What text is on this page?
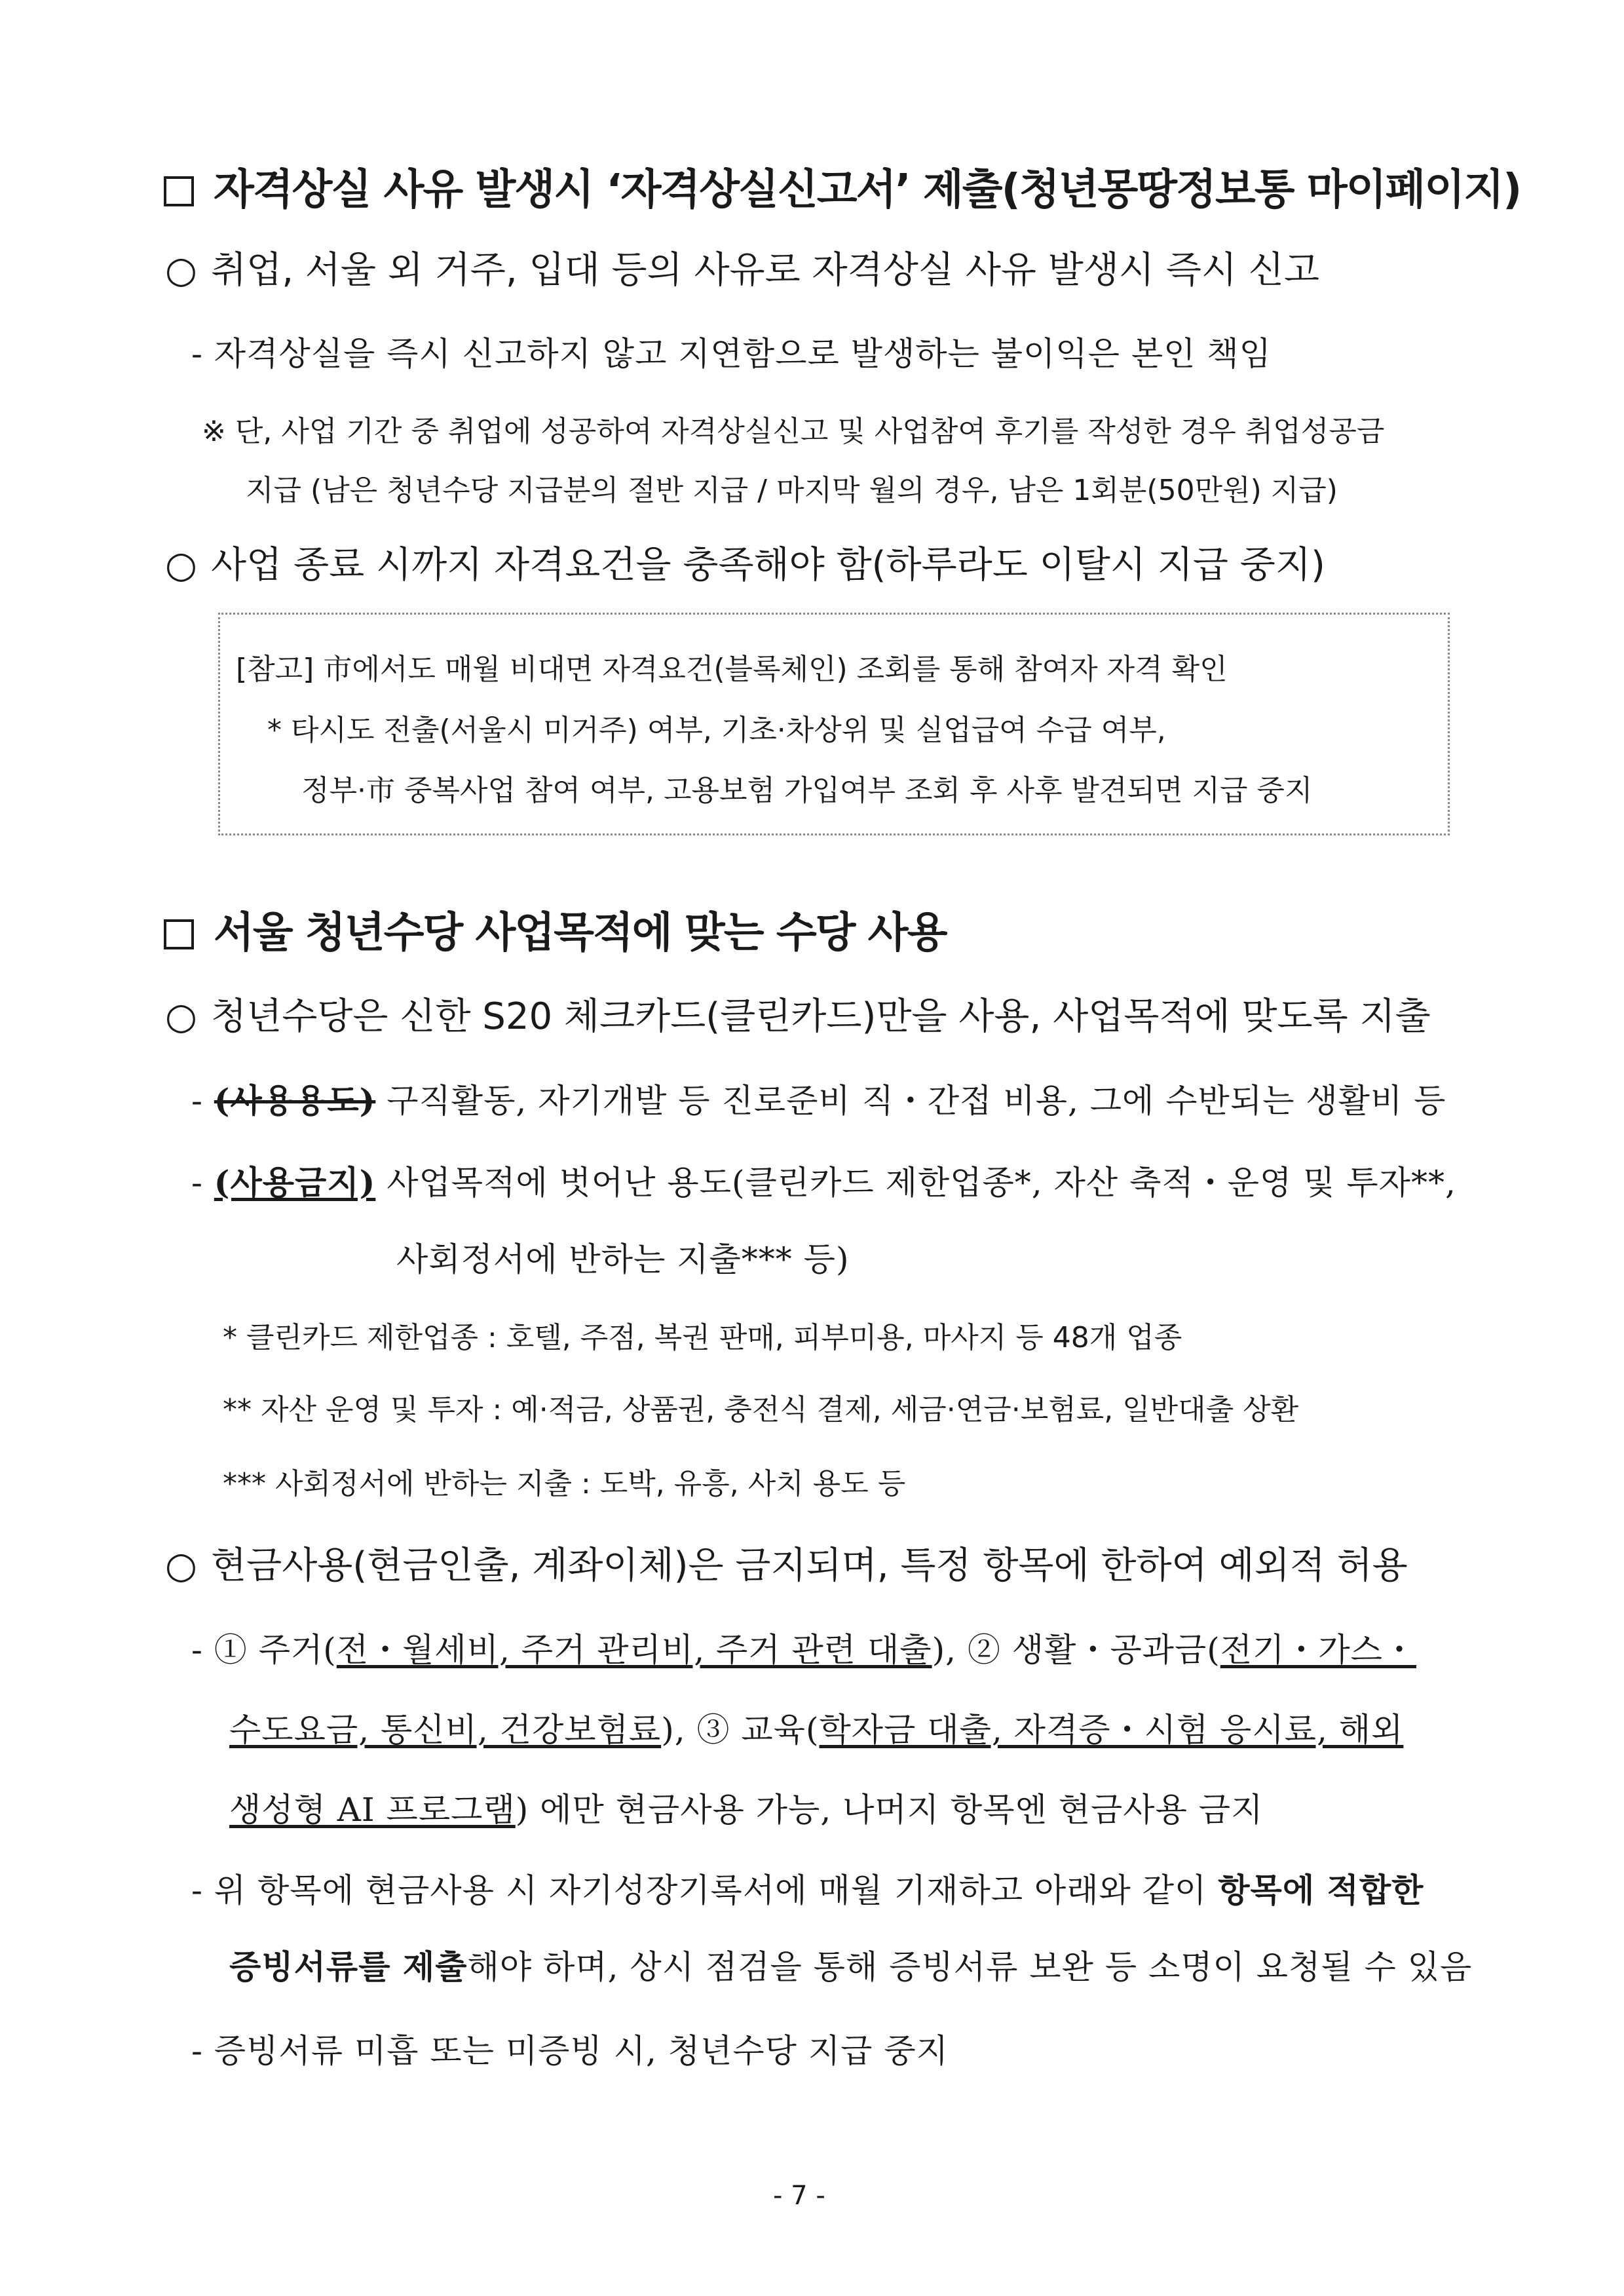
자격상실 사유 발생시 ‘자격상실신고서’ 제출(청년몽땅정보통 마이페이지)
○ 취업, 서울 외 거주, 입대 등의 사유로 자격상실 사유 발생시 즉시 신고
- 자격상실을 즉시 신고하지 않고 지연함으로 발생하는 불이익은 본인 책임
※ 단, 사업 기간 중 취업에 성공하여 자격상실신고 및 사업참여 후기를 작성한 경우 취업성공금
지급 (남은 청년수당 지급분의 절반 지급 / 마지막 월의 경우, 남은 1회분(50만원) 지급)
○ 사업 종료 시까지 자격요건을 충족해야 함(하루라도 이탈시 지급 중지)
[참고] 市에서도 매월 비대면 자격요건(블록체인) 조회를 통해 참여자 자격 확인
* 타시도 전출(서울시 미거주) 여부, 기초·차상위 및 실업급여 수급 여부,
정부·市 중복사업 참여 여부, 고용보험 가입여부 조회 후 사후 발견되면 지급 중지
서울 청년수당 사업목적에 맞는 수당 사용
○ 청년수당은 신한 S20 체크카드(클린카드)만을 사용, 사업목적에 맞도록 지출
- (사용용도) 구직활동, 자기개발 등 진로준비 직・간접 비용, 그에 수반되는 생활비 등
- (사용금지) 사업목적에 벗어난 용도(클린카드 제한업종*, 자산 축적・운영 및 투자**,
사회정서에 반하는 지출*** 등)
* 클린카드 제한업종 : 호텔, 주점, 복권 판매, 피부미용, 마사지 등 48개 업종
** 자산 운영 및 투자 : 예·적금, 상품권, 충전식 결제, 세금·연금·보험료, 일반대출 상환
*** 사회정서에 반하는 지출 : 도박, 유흥, 사치 용도 등
○ 현금사용(현금인출, 계좌이체)은 금지되며, 특정 항목에 한하여 예외적 허용
- ① 주거(전・월세비, 주거 관리비, 주거 관련 대출), ② 생활・공과금(전기・가스・
수도요금, 통신비, 건강보험료), ③ 교육(학자금 대출, 자격증・시험 응시료, 해외
생성형 AI 프로그램) 에만 현금사용 가능, 나머지 항목엔 현금사용 금지
- 위 항목에 현금사용 시 자기성장기록서에 매월 기재하고 아래와 같이 항목에 적합한
증빙서류를 제출해야 하며, 상시 점검을 통해 증빙서류 보완 등 소명이 요청될 수 있음
- 증빙서류 미흡 또는 미증빙 시, 청년수당 지급 중지
- 7 -
